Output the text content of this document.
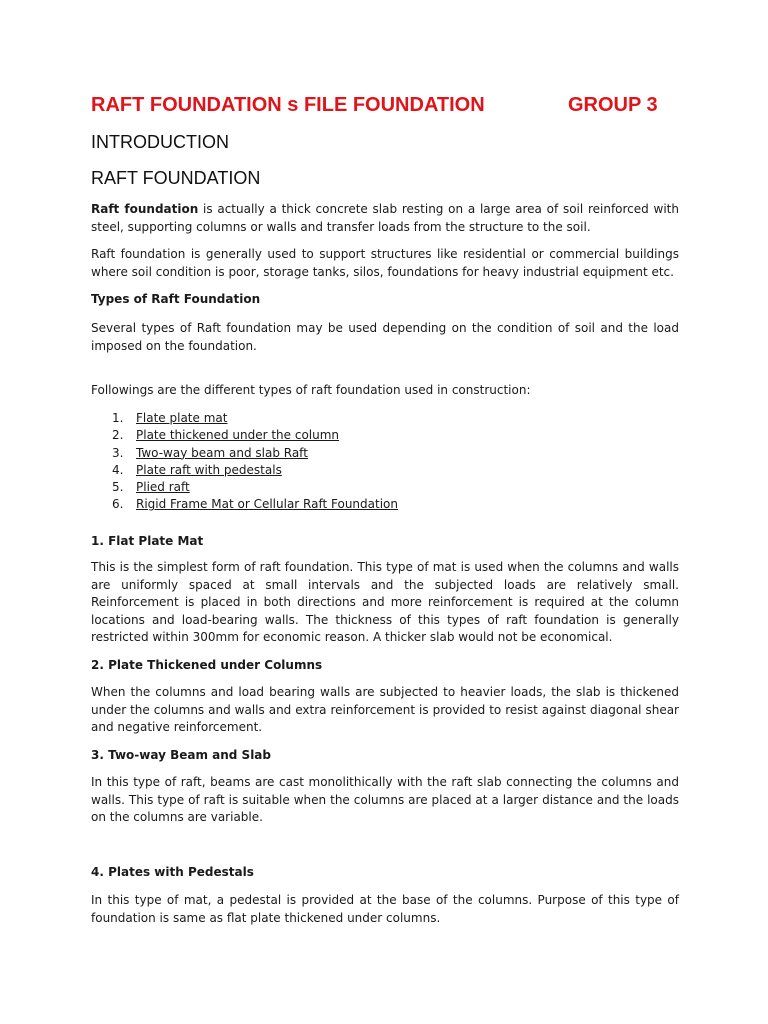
RAFT FOUNDATION s FILE FOUNDATION	GROUP 3
INTRODUCTION
RAFT FOUNDATION
Raft foundation is actually a thick concrete slab resting on a large area of soil reinforced with steel, supporting columns or walls and transfer loads from the structure to the soil.
Raft foundation is generally used to support structures like residential or commercial buildings where soil condition is poor, storage tanks, silos, foundations for heavy industrial equipment etc.
Types of Raft Foundation
Several types of Raft foundation may be used depending on the condition of soil and the load imposed on the foundation.
Followings are the different types of raft foundation used in construction:
1. Flate plate mat
2. Plate thickened under the column
3. Two-way beam and slab Raft
4. Plate raft with pedestals
5. Plied raft
6. Rigid Frame Mat or Cellular Raft Foundation
1. Flat Plate Mat
This is the simplest form of raft foundation. This type of mat is used when the columns and walls are uniformly spaced at small intervals and the subjected loads are relatively small. Reinforcement is placed in both directions and more reinforcement is required at the column locations and load-bearing walls. The thickness of this types of raft foundation is generally restricted within 300mm for economic reason. A thicker slab would not be economical.
2. Plate Thickened under Columns
When the columns and load bearing walls are subjected to heavier loads, the slab is thickened under the columns and walls and extra reinforcement is provided to resist against diagonal shear and negative reinforcement.
3. Two-way Beam and Slab
In this type of raft, beams are cast monolithically with the raft slab connecting the columns and walls. This type of raft is suitable when the columns are placed at a larger distance and the loads on the columns are variable.
4. Plates with Pedestals
In this type of mat, a pedestal is provided at the base of the columns. Purpose of this type of foundation is same as flat plate thickened under columns.
